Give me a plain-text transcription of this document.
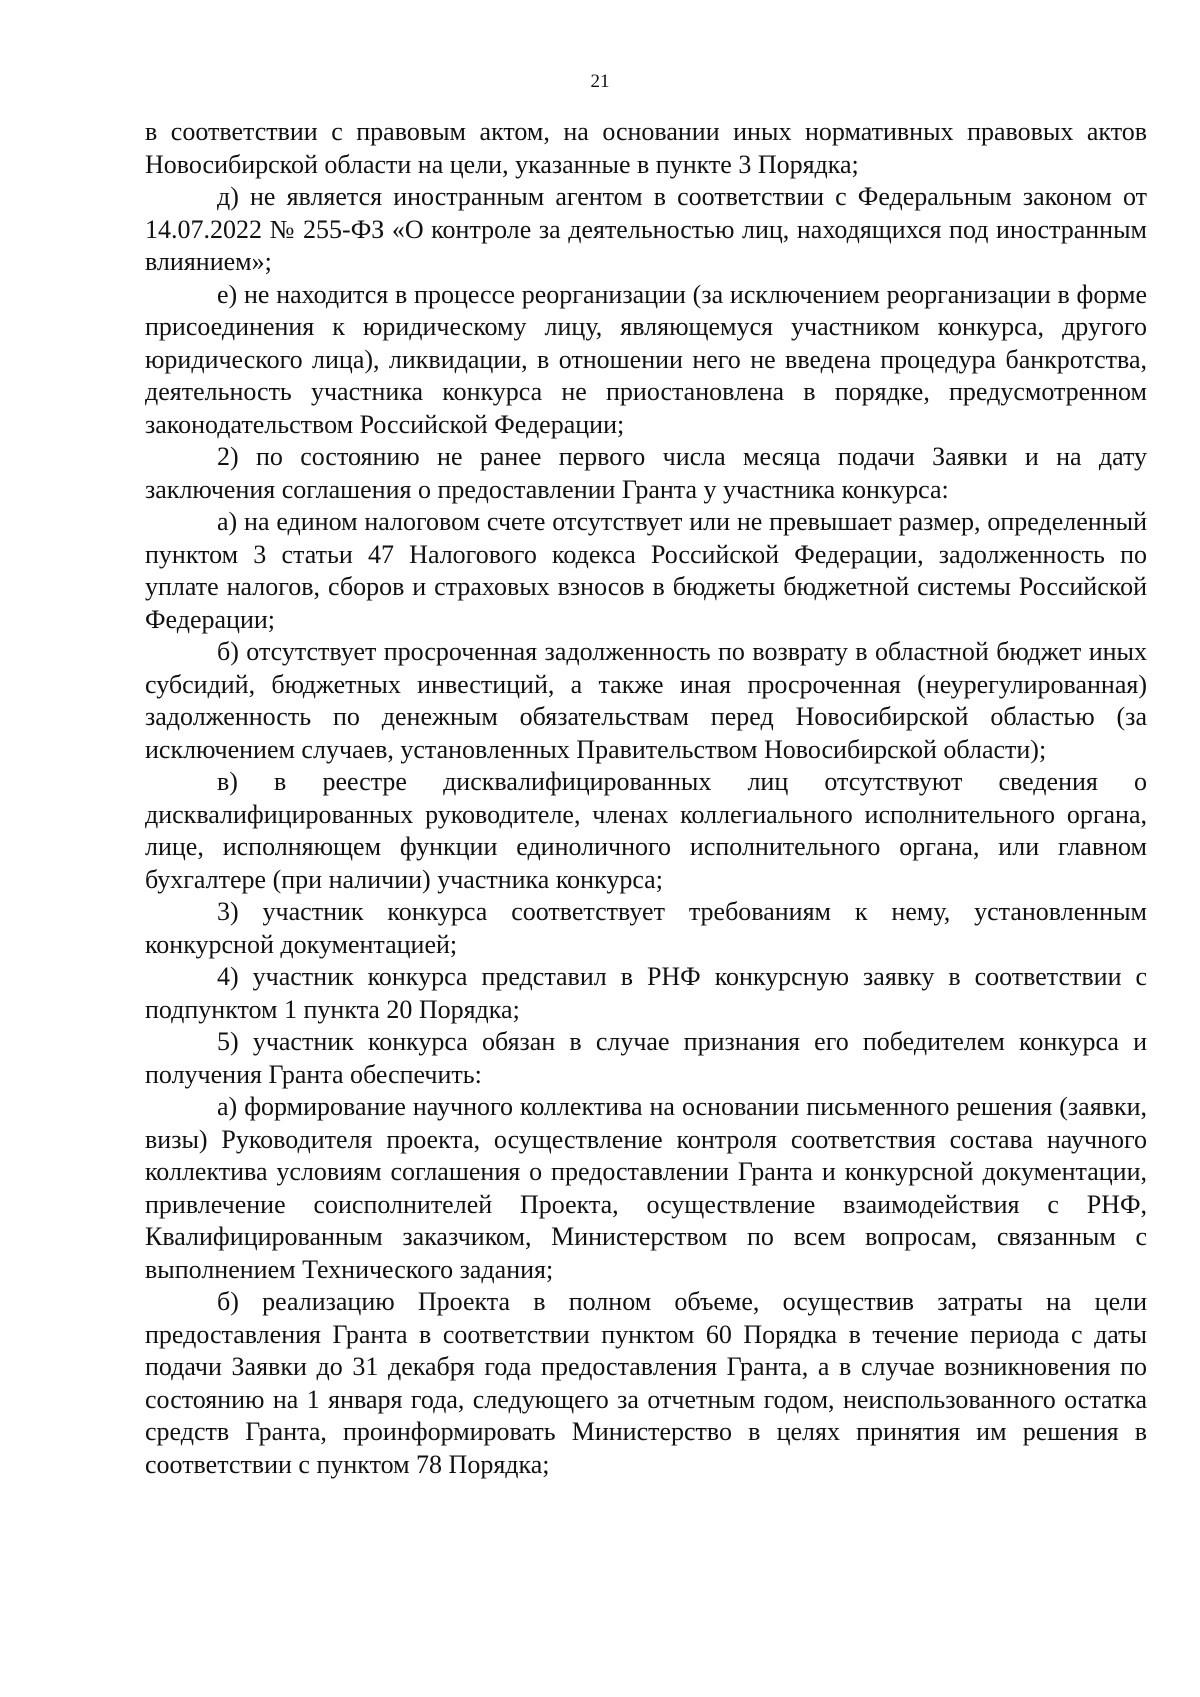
21

в соответствии с правовым актом, на основании иных нормативных правовых актов Новосибирской области на цели, указанные в пункте 3 Порядка;

д) не является иностранным агентом в соответствии с Федеральным законом от 14.07.2022 № 255-ФЗ «О контроле за деятельностью лиц, находящихся под иностранным влиянием»;

е) не находится в процессе реорганизации (за исключением реорганизации в форме присоединения к юридическому лицу, являющемуся участником конкурса, другого юридического лица), ликвидации, в отношении него не введена процедура банкротства, деятельность участника конкурса не приостановлена в порядке, предусмотренном законодательством Российской Федерации;

2) по состоянию не ранее первого числа месяца подачи Заявки и на дату заключения соглашения о предоставлении Гранта у участника конкурса:

а) на едином налоговом счете отсутствует или не превышает размер, определенный пунктом 3 статьи 47 Налогового кодекса Российской Федерации, задолженность по уплате налогов, сборов и страховых взносов в бюджеты бюджетной системы Российской Федерации;

б) отсутствует просроченная задолженность по возврату в областной бюджет иных субсидий, бюджетных инвестиций, а также иная просроченная (неурегулированная) задолженность по денежным обязательствам перед Новосибирской областью (за исключением случаев, установленных Правительством Новосибирской области);

в) в реестре дисквалифицированных лиц отсутствуют сведения о дисквалифицированных руководителе, членах коллегиального исполнительного органа, лице, исполняющем функции единоличного исполнительного органа, или главном бухгалтере (при наличии) участника конкурса;

3) участник конкурса соответствует требованиям к нему, установленным конкурсной документацией;

4) участник конкурса представил в РНФ конкурсную заявку в соответствии с подпунктом 1 пункта 20 Порядка;

5) участник конкурса обязан в случае признания его победителем конкурса и получения Гранта обеспечить:

а) формирование научного коллектива на основании письменного решения (заявки, визы) Руководителя проекта, осуществление контроля соответствия состава научного коллектива условиям соглашения о предоставлении Гранта и конкурсной документации, привлечение соисполнителей Проекта, осуществление взаимодействия с РНФ, Квалифицированным заказчиком, Министерством по всем вопросам, связанным с выполнением Технического задания;

б) реализацию Проекта в полном объеме, осуществив затраты на цели предоставления Гранта в соответствии пунктом 60 Порядка в течение периода с даты подачи Заявки до 31 декабря года предоставления Гранта, а в случае возникновения по состоянию на 1 января года, следующего за отчетным годом, неиспользованного остатка средств Гранта, проинформировать Министерство в целях принятия им решения в соответствии с пунктом 78 Порядка;
